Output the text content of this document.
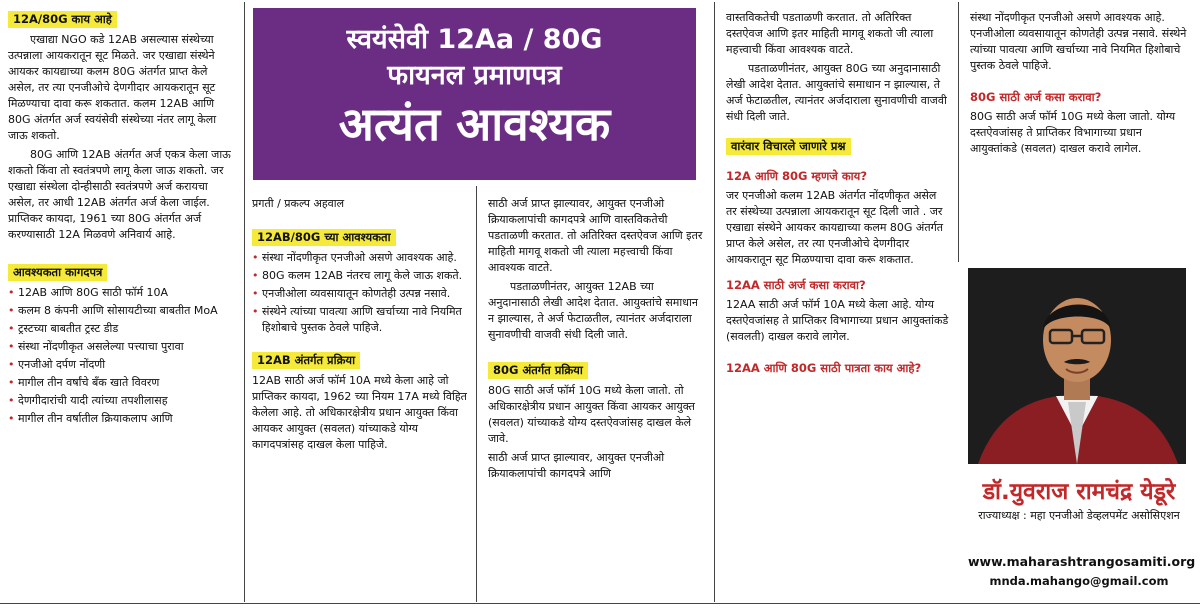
12A/80G काय आहे

एखाद्या NGO कडे 12AB असल्यास संस्थेच्या उत्पन्नाला आयकरातून सूट मिळते. जर एखाद्या संस्थेने आयकर कायद्याच्या कलम 80G अंतर्गत प्राप्त केले असेल, तर त्या एनजीओचे देणगीदार आयकरातून सूट मिळण्याचा दावा करू शकतात. कलम 12AB आणि 80G अंतर्गत अर्ज स्वयंसेवी संस्थेच्या नंतर लागू केला जाऊ शकतो.

80G आणि 12AB अंतर्गत अर्ज एकत्र केला जाऊ शकतो किंवा तो स्वतंत्रपणे लागू केला जाऊ शकतो. जर एखाद्या संस्थेला दोन्हीसाठी स्वतंत्रपणे अर्ज करायचा असेल, तर आधी 12AB अंतर्गत अर्ज केला जाईल. प्राप्तिकर कायदा, 1961 च्या 80G अंतर्गत अर्ज करण्यासाठी 12A मिळवणे अनिवार्य आहे.

आवश्यकता कागदपत्र
• 12AB आणि 80G साठी फॉर्म 10A
• कलम 8 कंपनी आणि सोसायटीच्या बाबतीत MoA
• ट्रस्टच्या बाबतीत ट्रस्ट डीड
• संस्था नोंदणीकृत असलेल्या पत्त्याचा पुरावा
• एनजीओ दर्पण नोंदणी
• मागील तीन वर्षांचे बँक खाते विवरण
• देणगीदारांची यादी त्यांच्या तपशीलासह
• मागील तीन वर्षातील क्रियाकलाप आणि
स्वयंसेवी 12Aa / 80G
फायनल प्रमाणपत्र
अत्यंत आवश्यक

प्रगती / प्रकल्प अहवाल

12AB/80G च्या आवश्यकता
• संस्था नोंदणीकृत एनजीओ असणे आवश्यक आहे.
• 80G कलम 12AB नंतरच लागू केले जाऊ शकते.
• एनजीओला व्यवसायातून कोणतेही उत्पन्न नसावे.
• संस्थेने त्यांच्या पावत्या आणि खर्चाच्या नावे नियमित हिशोबाचे पुस्तक ठेवले पाहिजे.
12AB अंतर्गत प्रक्रिया

12AB साठी अर्ज फॉर्म 10A मध्ये केला आहे जो प्राप्तिकर कायदा, 1962 च्या नियम 17A मध्ये विहित केलेला आहे. तो अधिकारक्षेत्रीय प्रधान आयुक्त किंवा आयकर आयुक्त (सवलत) यांच्याकडे योग्य कागदपत्रांसह दाखल केला पाहिजे.

साठी अर्ज प्राप्त झाल्यावर, आयुक्त एनजीओ क्रियाकलापांची कागदपत्रे आणि वास्तविकतेची पडताळणी करतात. तो अतिरिक्त दस्तऐवज आणि इतर माहिती मागवू शकतो जी त्याला महत्त्वाची किंवा आवश्यक वाटते.

पडताळणीनंतर, आयुक्त 12AB च्या अनुदानासाठी लेखी आदेश देतात. आयुक्तांचे समाधान न झाल्यास, ते अर्ज फेटाळतील, त्यानंतर अर्जदाराला सुनावणीची वाजवी संधी दिली जाते.

80G अंतर्गत प्रक्रिया

80G साठी अर्ज फॉर्म 10G मध्ये केला जातो. तो अधिकारक्षेत्रीय प्रधान आयुक्त किंवा आयकर आयुक्त (सवलत) यांच्याकडे योग्य दस्तऐवजांसह दाखल केले जावे.

साठी अर्ज प्राप्त झाल्यावर, आयुक्त एनजीओ क्रियाकलापांची कागदपत्रे आणि

वास्तविकतेची पडताळणी करतात. तो अतिरिक्त दस्तऐवज आणि इतर माहिती मागवू शकतो जी त्याला महत्त्वाची किंवा आवश्यक वाटते.

पडताळणीनंतर, आयुक्त 80G च्या अनुदानासाठी लेखी आदेश देतात. आयुक्तांचे समाधान न झाल्यास, ते अर्ज फेटाळतील, त्यानंतर अर्जदाराला सुनावणीची वाजवी संधी दिली जाते.

वारंवार विचारले जाणारे प्रश्न
12A आणि 80G म्हणजे काय?

जर एनजीओ कलम 12AB अंतर्गत नोंदणीकृत असेल तर संस्थेच्या उत्पन्नाला आयकरातून सूट दिली जाते . जर एखाद्या संस्थेने आयकर कायद्याच्या कलम 80G अंतर्गत प्राप्त केले असेल, तर त्या एनजीओचे देणगीदार आयकरातून सूट मिळण्याचा दावा करू शकतात.

12AA साठी अर्ज कसा करावा?

12AA साठी अर्ज फॉर्म 10A मध्ये केला आहे. योग्य दस्तऐवजांसह ते प्राप्तिकर विभागाच्या प्रधान आयुक्तांकडे (सवलती) दाखल करावे लागेल.

12AA आणि 80G साठी पात्रता काय आहे?

संस्था नोंदणीकृत एनजीओ असणे आवश्यक आहे. एनजीओला व्यवसायातून कोणतेही उत्पन्न नसावे. संस्थेने त्यांच्या पावत्या आणि खर्चाच्या नावे नियमित हिशोबाचे पुस्तक ठेवले पाहिजे.

80G साठी अर्ज कसा करावा?

80G साठी अर्ज फॉर्म 10G मध्ये केला जातो. योग्य दस्तऐवजांसह ते प्राप्तिकर विभागाच्या प्रधान आयुक्तांकडे (सवलत) दाखल करावे लागेल.

डॉ.युवराज रामचंद्र येडूरे
राज्याध्यक्ष : महा एनजीओ डेव्हलपमेंट असोसिएशन
www.maharashtrangosamiti.org
mnda.mahango@gmail.com
